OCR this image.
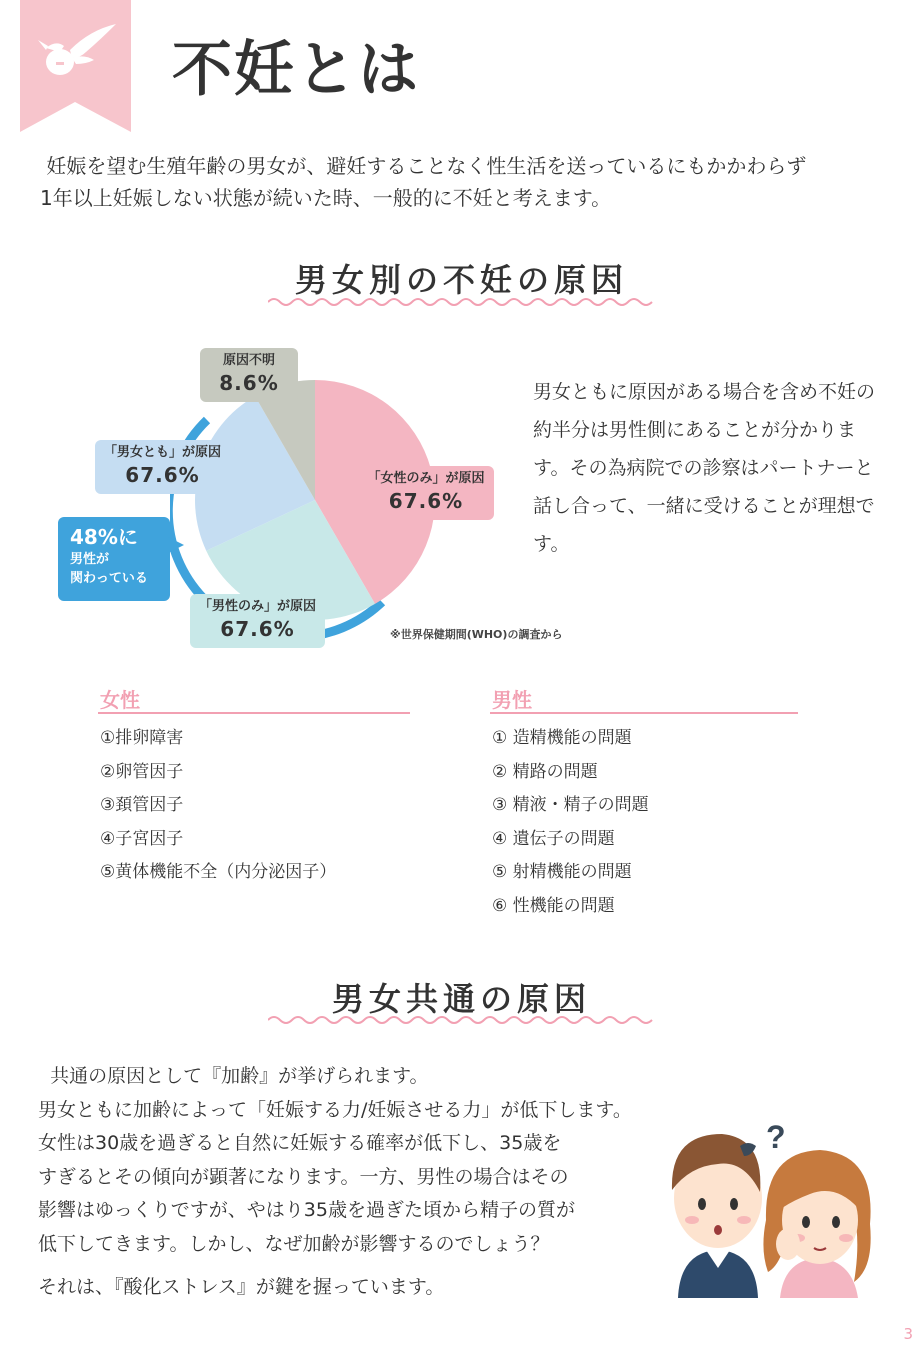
不妊とは
妊娠を望む生殖年齢の男女が、避妊することなく性生活を送っているにもかかわらず
1年以上妊娠しない状態が続いた時、一般的に不妊と考えます。
男女別の不妊の原因
原因不明
8.6%
「男女とも」が原因
67.6%	「女性のみ」が原因
67.6%
「男性のみ」が原因
67.6%
48%に
男性が
関わっている
※世界保健期間(WHO)の調査から
男女ともに原因がある場合を含め不妊の約半分は男性側にあることが分かります。その為病院での診察はパートナーと話し合って、一緒に受けることが理想です。
女性
①排卵障害
②卵管因子
③頚管因子
④子宮因子
⑤黄体機能不全（内分泌因子）
男性
① 造精機能の問題
② 精路の問題
③ 精液・精子の問題
④ 遺伝子の問題
⑤ 射精機能の問題
⑥ 性機能の問題
男女共通の原因
共通の原因として『加齢』が挙げられます。
男女ともに加齢によって「妊娠する力/妊娠させる力」が低下します。
女性は30歳を過ぎると自然に妊娠する確率が低下し、35歳を
すぎるとその傾向が顕著になります。一方、男性の場合はその
影響はゆっくりですが、やはり35歳を過ぎた頃から精子の質が
低下してきます。しかし、なぜ加齢が影響するのでしょう？
それは、『酸化ストレス』が鍵を握っています。
?
3
